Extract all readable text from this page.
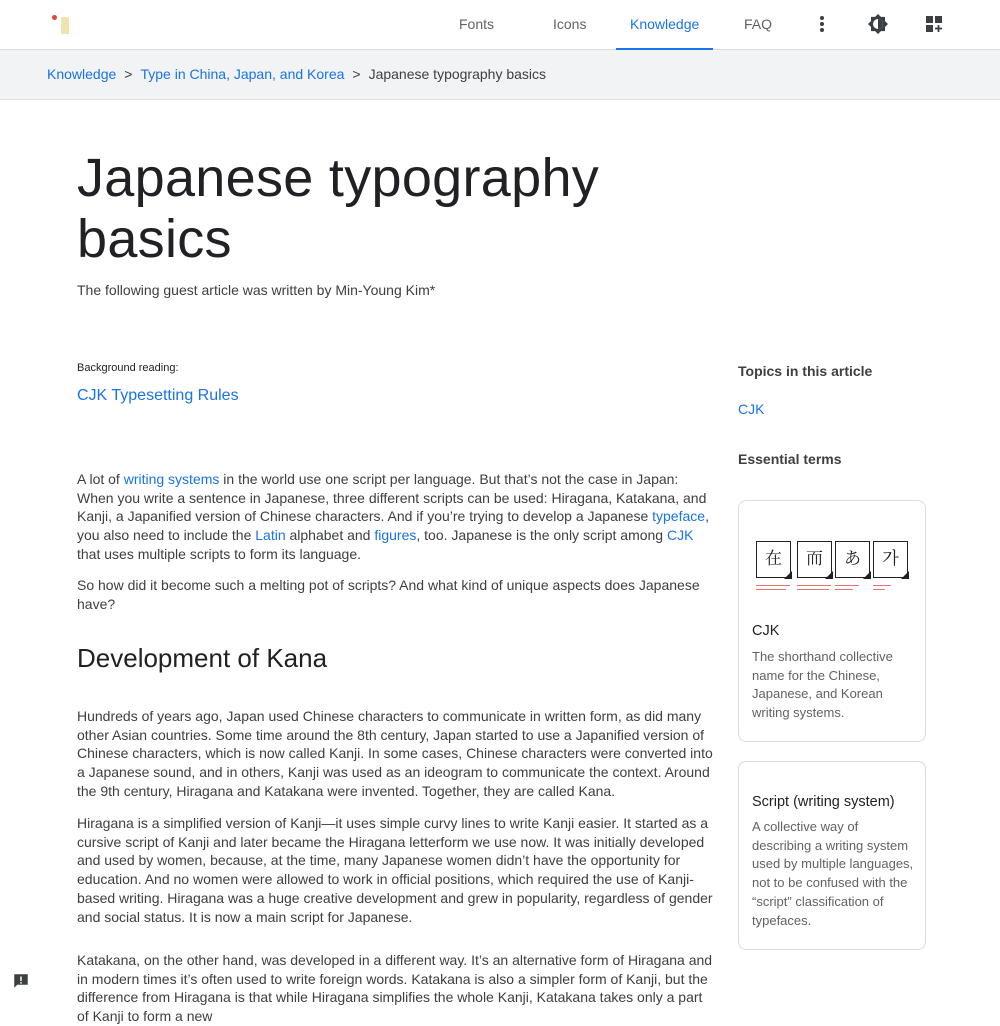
Fonts	Icons	Knowledge	FAQ
Knowledge > Type in China, Japan, and Korea > Japanese typography basics
Japanese typography basics
The following guest article was written by Min-Young Kim*
Background reading:
CJK Typesetting Rules

A lot of writing systems in the world use one script per language. But that’s not the case in Japan: When you write a sentence in Japanese, three different scripts can be used: Hiragana, Katakana, and Kanji, a Japanified version of Chinese characters. And if you’re trying to develop a Japanese typeface, you also need to include the Latin alphabet and figures, too. Japanese is the only script among CJK that uses multiple scripts to form its language.

So how did it become such a melting pot of scripts? And what kind of unique aspects does Japanese have?

Development of Kana

Hundreds of years ago, Japan used Chinese characters to communicate in written form, as did many other Asian countries. Some time around the 8th century, Japan started to use a Japanified version of Chinese characters, which is now called Kanji. In some cases, Chinese characters were converted into a Japanese sound, and in others, Kanji was used as an ideogram to communicate the context. Around the 9th century, Hiragana and Katakana were invented. Together, they are called Kana.

Hiragana is a simplified version of Kanji—it uses simple curvy lines to write Kanji easier. It started as a cursive script of Kanji and later became the Hiragana letterform we use now. It was initially developed and used by women, because, at the time, many Japanese women didn’t have the opportunity for education. And no women were allowed to work in official positions, which required the use of Kanji-based writing. Hiragana was a huge creative development and grew in popularity, regardless of gender and social status. It is now a main script for Japanese.

Katakana, on the other hand, was developed in a different way. It’s an alternative form of Hiragana and in modern times it’s often used to write foreign words. Katakana is also a simpler form of Kanji, but the difference from Hiragana is that while Hiragana simplifies the whole Kanji, Katakana takes only a part of Kanji to form a new

Topics in this article
CJK
Essential terms
在	而	あ	가
CJK
The shorthand collective name for the Chinese, Japanese, and Korean writing systems.
Script (writing system)
A collective way of describing a writing system used by multiple languages, not to be confused with the “script” classification of typefaces.
